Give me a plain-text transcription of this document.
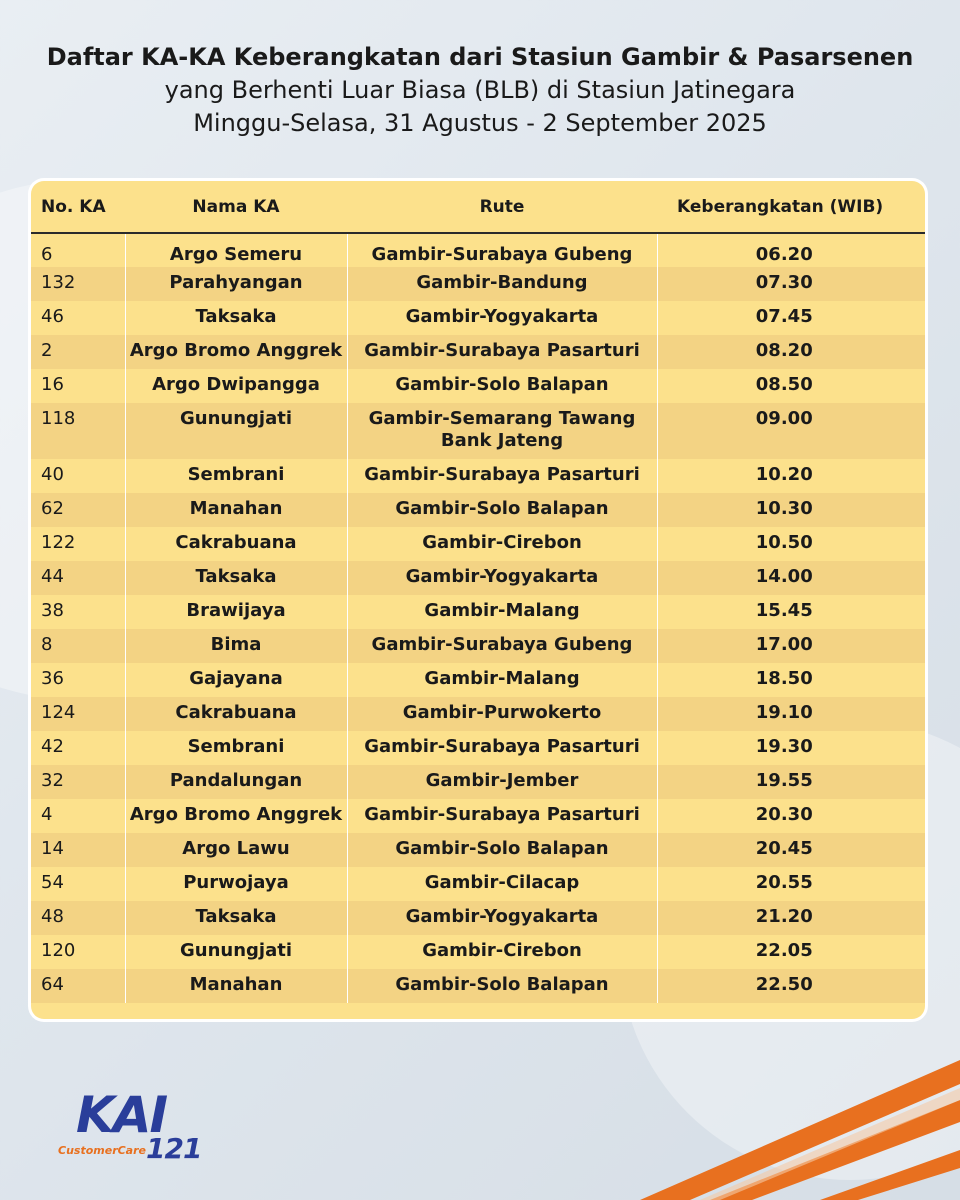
Daftar KA-KA Keberangkatan dari Stasiun Gambir & Pasarsenen
yang Berhenti Luar Biasa (BLB) di Stasiun Jatinegara
Minggu-Selasa, 31 Agustus - 2 September 2025
No. KA	Nama KA	Rute	Keberangkatan (WIB)
6	Argo Semeru	Gambir-Surabaya Gubeng	06.20
132	Parahyangan	Gambir-Bandung	07.30
46	Taksaka	Gambir-Yogyakarta	07.45
2	Argo Bromo Anggrek	Gambir-Surabaya Pasarturi	08.20
16	Argo Dwipangga	Gambir-Solo Balapan	08.50
118	Gunungjati	Gambir-Semarang Tawang Bank Jateng	09.00
40	Sembrani	Gambir-Surabaya Pasarturi	10.20
62	Manahan	Gambir-Solo Balapan	10.30
122	Cakrabuana	Gambir-Cirebon	10.50
44	Taksaka	Gambir-Yogyakarta	14.00
38	Brawijaya	Gambir-Malang	15.45
8	Bima	Gambir-Surabaya Gubeng	17.00
36	Gajayana	Gambir-Malang	18.50
124	Cakrabuana	Gambir-Purwokerto	19.10
42	Sembrani	Gambir-Surabaya Pasarturi	19.30
32	Pandalungan	Gambir-Jember	19.55
4	Argo Bromo Anggrek	Gambir-Surabaya Pasarturi	20.30
14	Argo Lawu	Gambir-Solo Balapan	20.45
54	Purwojaya	Gambir-Cilacap	20.55
48	Taksaka	Gambir-Yogyakarta	21.20
120	Gunungjati	Gambir-Cirebon	22.05
64	Manahan	Gambir-Solo Balapan	22.50
KAI
CustomerCare 121
